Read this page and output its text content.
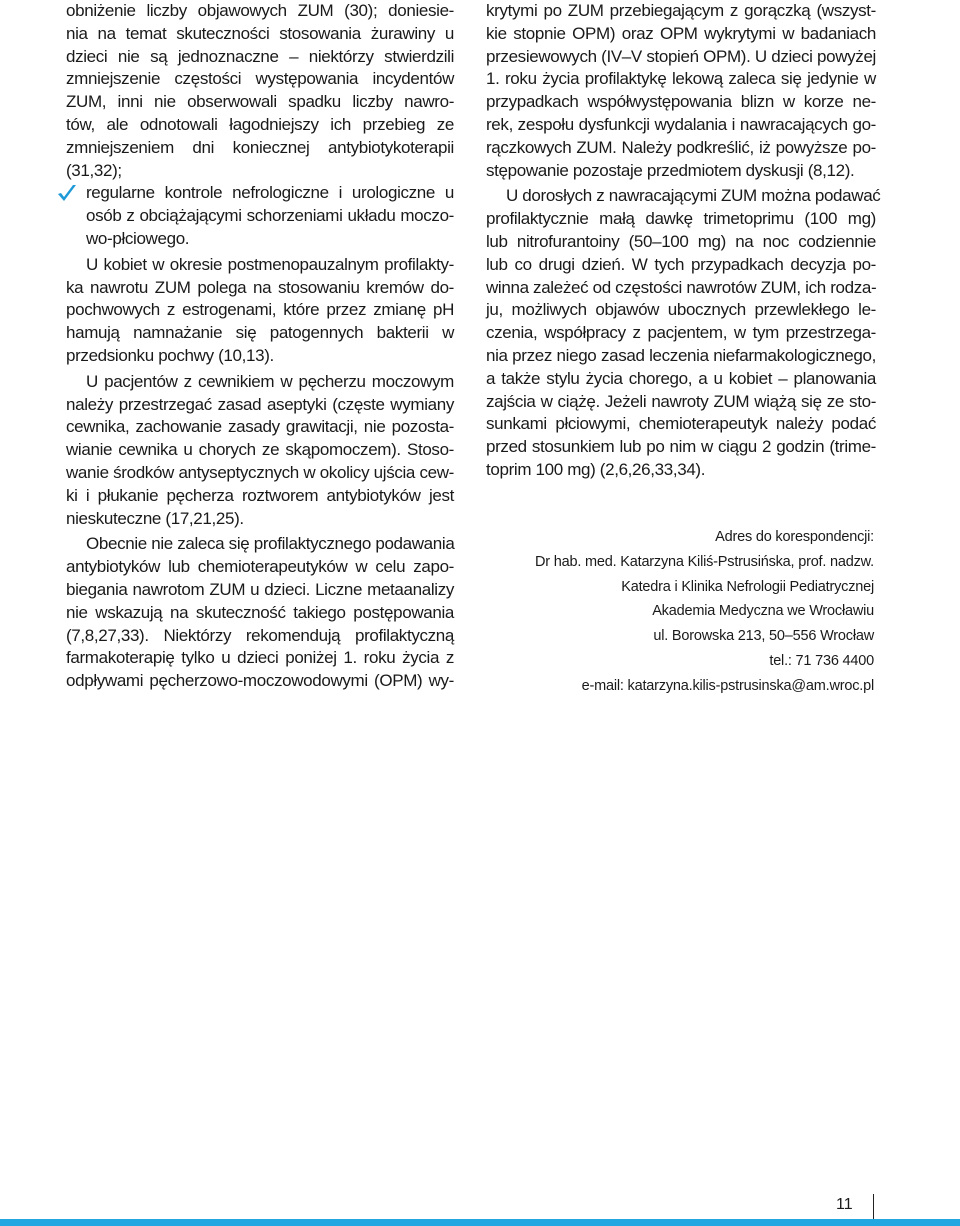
obniżenie liczby objawowych ZUM (30); doniesie-
nia na temat skuteczności stosowania żurawiny u
dzieci nie są jednoznaczne – niektórzy stwierdzili
zmniejszenie częstości występowania incydentów
ZUM, inni nie obserwowali spadku liczby nawro-
tów, ale odnotowali łagodniejszy ich przebieg ze
zmniejszeniem dni koniecznej antybiotykoterapii
(31,32);
regularne kontrole nefrologiczne i urologiczne u
osób z obciążającymi schorzeniami układu moczo-
wo-płciowego.
U kobiet w okresie postmenopauzalnym profilakty-
ka nawrotu ZUM polega na stosowaniu kremów do-
pochwowych z estrogenami, które przez zmianę pH
hamują namnażanie się patogennych bakterii w
przedsionku pochwy (10,13).
U pacjentów z cewnikiem w pęcherzu moczowym
należy przestrzegać zasad aseptyki (częste wymiany
cewnika, zachowanie zasady grawitacji, nie pozosta-
wianie cewnika u chorych ze skąpomoczem). Stoso-
wanie środków antyseptycznych w okolicy ujścia cew-
ki i płukanie pęcherza roztworem antybiotyków jest
nieskuteczne (17,21,25).
Obecnie nie zaleca się profilaktycznego podawania
antybiotyków lub chemioterapeutyków w celu zapo-
biegania nawrotom ZUM u dzieci. Liczne metaanalizy
nie wskazują na skuteczność takiego postępowania
(7,8,27,33). Niektórzy rekomendują profilaktyczną
farmakoterapię tylko u dzieci poniżej 1. roku życia z
odpływami pęcherzowo-moczowodowymi (OPM) wy-
krytymi po ZUM przebiegającym z gorączką (wszyst-
kie stopnie OPM) oraz OPM wykrytymi w badaniach
przesiewowych (IV–V stopień OPM). U dzieci powyżej
1. roku życia profilaktykę lekową zaleca się jedynie w
przypadkach współwystępowania blizn w korze ne-
rek, zespołu dysfunkcji wydalania i nawracających go-
rączkowych ZUM. Należy podkreślić, iż powyższe po-
stępowanie pozostaje przedmiotem dyskusji (8,12).
U dorosłych z nawracającymi ZUM można podawać
profilaktycznie małą dawkę trimetoprimu (100 mg)
lub nitrofurantoiny (50–100 mg) na noc codziennie
lub co drugi dzień. W tych przypadkach decyzja po-
winna zależeć od częstości nawrotów ZUM, ich rodza-
ju, możliwych objawów ubocznych przewlekłego le-
czenia, współpracy z pacjentem, w tym przestrzega-
nia przez niego zasad leczenia niefarmakologicznego,
a także stylu życia chorego, a u kobiet – planowania
zajścia w ciążę. Jeżeli nawroty ZUM wiążą się ze sto-
sunkami płciowymi, chemioterapeutyk należy podać
przed stosunkiem lub po nim w ciągu 2 godzin (trime-
toprim 100 mg) (2,6,26,33,34).
Adres do korespondencji:
Dr hab. med. Katarzyna Kiliś-Pstrusińska, prof. nadzw.
Katedra i Klinika Nefrologii Pediatrycznej
Akademia Medyczna we Wrocławiu
ul. Borowska 213, 50–556 Wrocław
tel.: 71 736 4400
e-mail: katarzyna.kilis-pstrusinska@am.wroc.pl
11
